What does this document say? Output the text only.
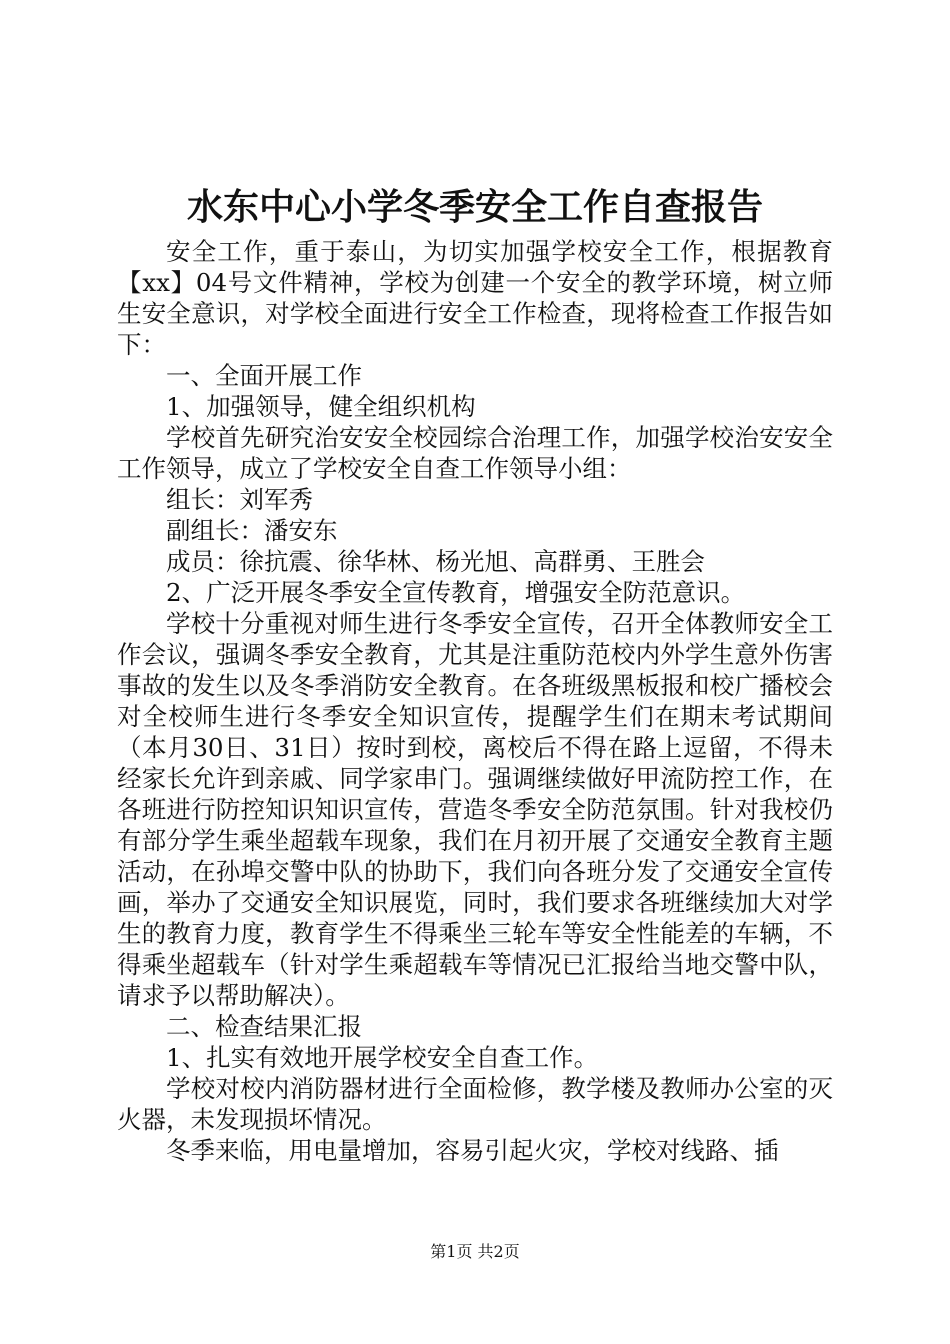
水东中心小学冬季安全工作自查报告

安全工作，重于泰山，为切实加强学校安全工作，根据教育【xx】04号文件精神，学校为创建一个安全的教学环境，树立师生安全意识，对学校全面进行安全工作检查，现将检查工作报告如下：

一、全面开展工作

1、加强领导，健全组织机构

学校首先研究治安安全校园综合治理工作，加强学校治安安全工作领导，成立了学校安全自查工作领导小组：

组长：刘军秀

副组长：潘安东

成员：徐抗震、徐华林、杨光旭、高群勇、王胜会

2、广泛开展冬季安全宣传教育，增强安全防范意识。

学校十分重视对师生进行冬季安全宣传，召开全体教师安全工作会议，强调冬季安全教育，尤其是注重防范校内外学生意外伤害事故的发生以及冬季消防安全教育。在各班级黑板报和校广播校会对全校师生进行冬季安全知识宣传，提醒学生们在期末考试期间（本月30日、31日）按时到校，离校后不得在路上逗留，不得未经家长允许到亲戚、同学家串门。强调继续做好甲流防控工作，在各班进行防控知识知识宣传，营造冬季安全防范氛围。针对我校仍有部分学生乘坐超载车现象，我们在月初开展了交通安全教育主题活动，在孙埠交警中队的协助下，我们向各班分发了交通安全宣传画，举办了交通安全知识展览，同时，我们要求各班继续加大对学生的教育力度，教育学生不得乘坐三轮车等安全性能差的车辆，不得乘坐超载车（针对学生乘超载车等情况已汇报给当地交警中队，请求予以帮助解决）。

二、检查结果汇报

1、扎实有效地开展学校安全自查工作。

学校对校内消防器材进行全面检修，教学楼及教师办公室的灭火器，未发现损坏情况。

冬季来临，用电量增加，容易引起火灾，学校对线路、插

第1页 共2页
